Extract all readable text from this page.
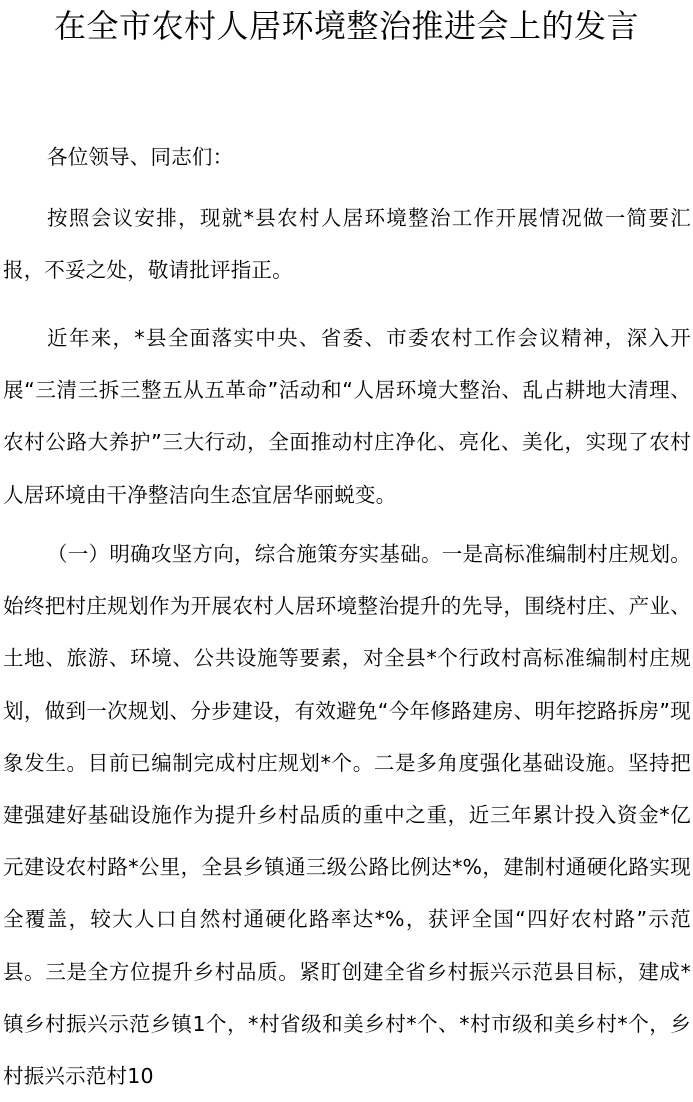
在全市农村人居环境整治推进会上的发言

各位领导、同志们：

按照会议安排，现就*县农村人居环境整治工作开展情况做一简要汇报，不妥之处，敬请批评指正。

近年来，*县全面落实中央、省委、市委农村工作会议精神，深入开展“三清三拆三整五从五革命”活动和“人居环境大整治、乱占耕地大清理、农村公路大养护”三大行动，全面推动村庄净化、亮化、美化，实现了农村人居环境由干净整洁向生态宜居华丽蜕变。

（一）明确攻坚方向，综合施策夯实基础。一是高标准编制村庄规划。始终把村庄规划作为开展农村人居环境整治提升的先导，围绕村庄、产业、土地、旅游、环境、公共设施等要素，对全县*个行政村高标准编制村庄规划，做到一次规划、分步建设，有效避免“今年修路建房、明年挖路拆房”现象发生。目前已编制完成村庄规划*个。二是多角度强化基础设施。坚持把建强建好基础设施作为提升乡村品质的重中之重，近三年累计投入资金*亿元建设农村路*公里，全县乡镇通三级公路比例达*%，建制村通硬化路实现全覆盖，较大人口自然村通硬化路率达*%，获评全国“四好农村路”示范县。三是全方位提升乡村品质。紧盯创建全省乡村振兴示范县目标，建成*镇乡村振兴示范乡镇1个，*村省级和美乡村*个、*村市级和美乡村*个，乡村振兴示范村10
